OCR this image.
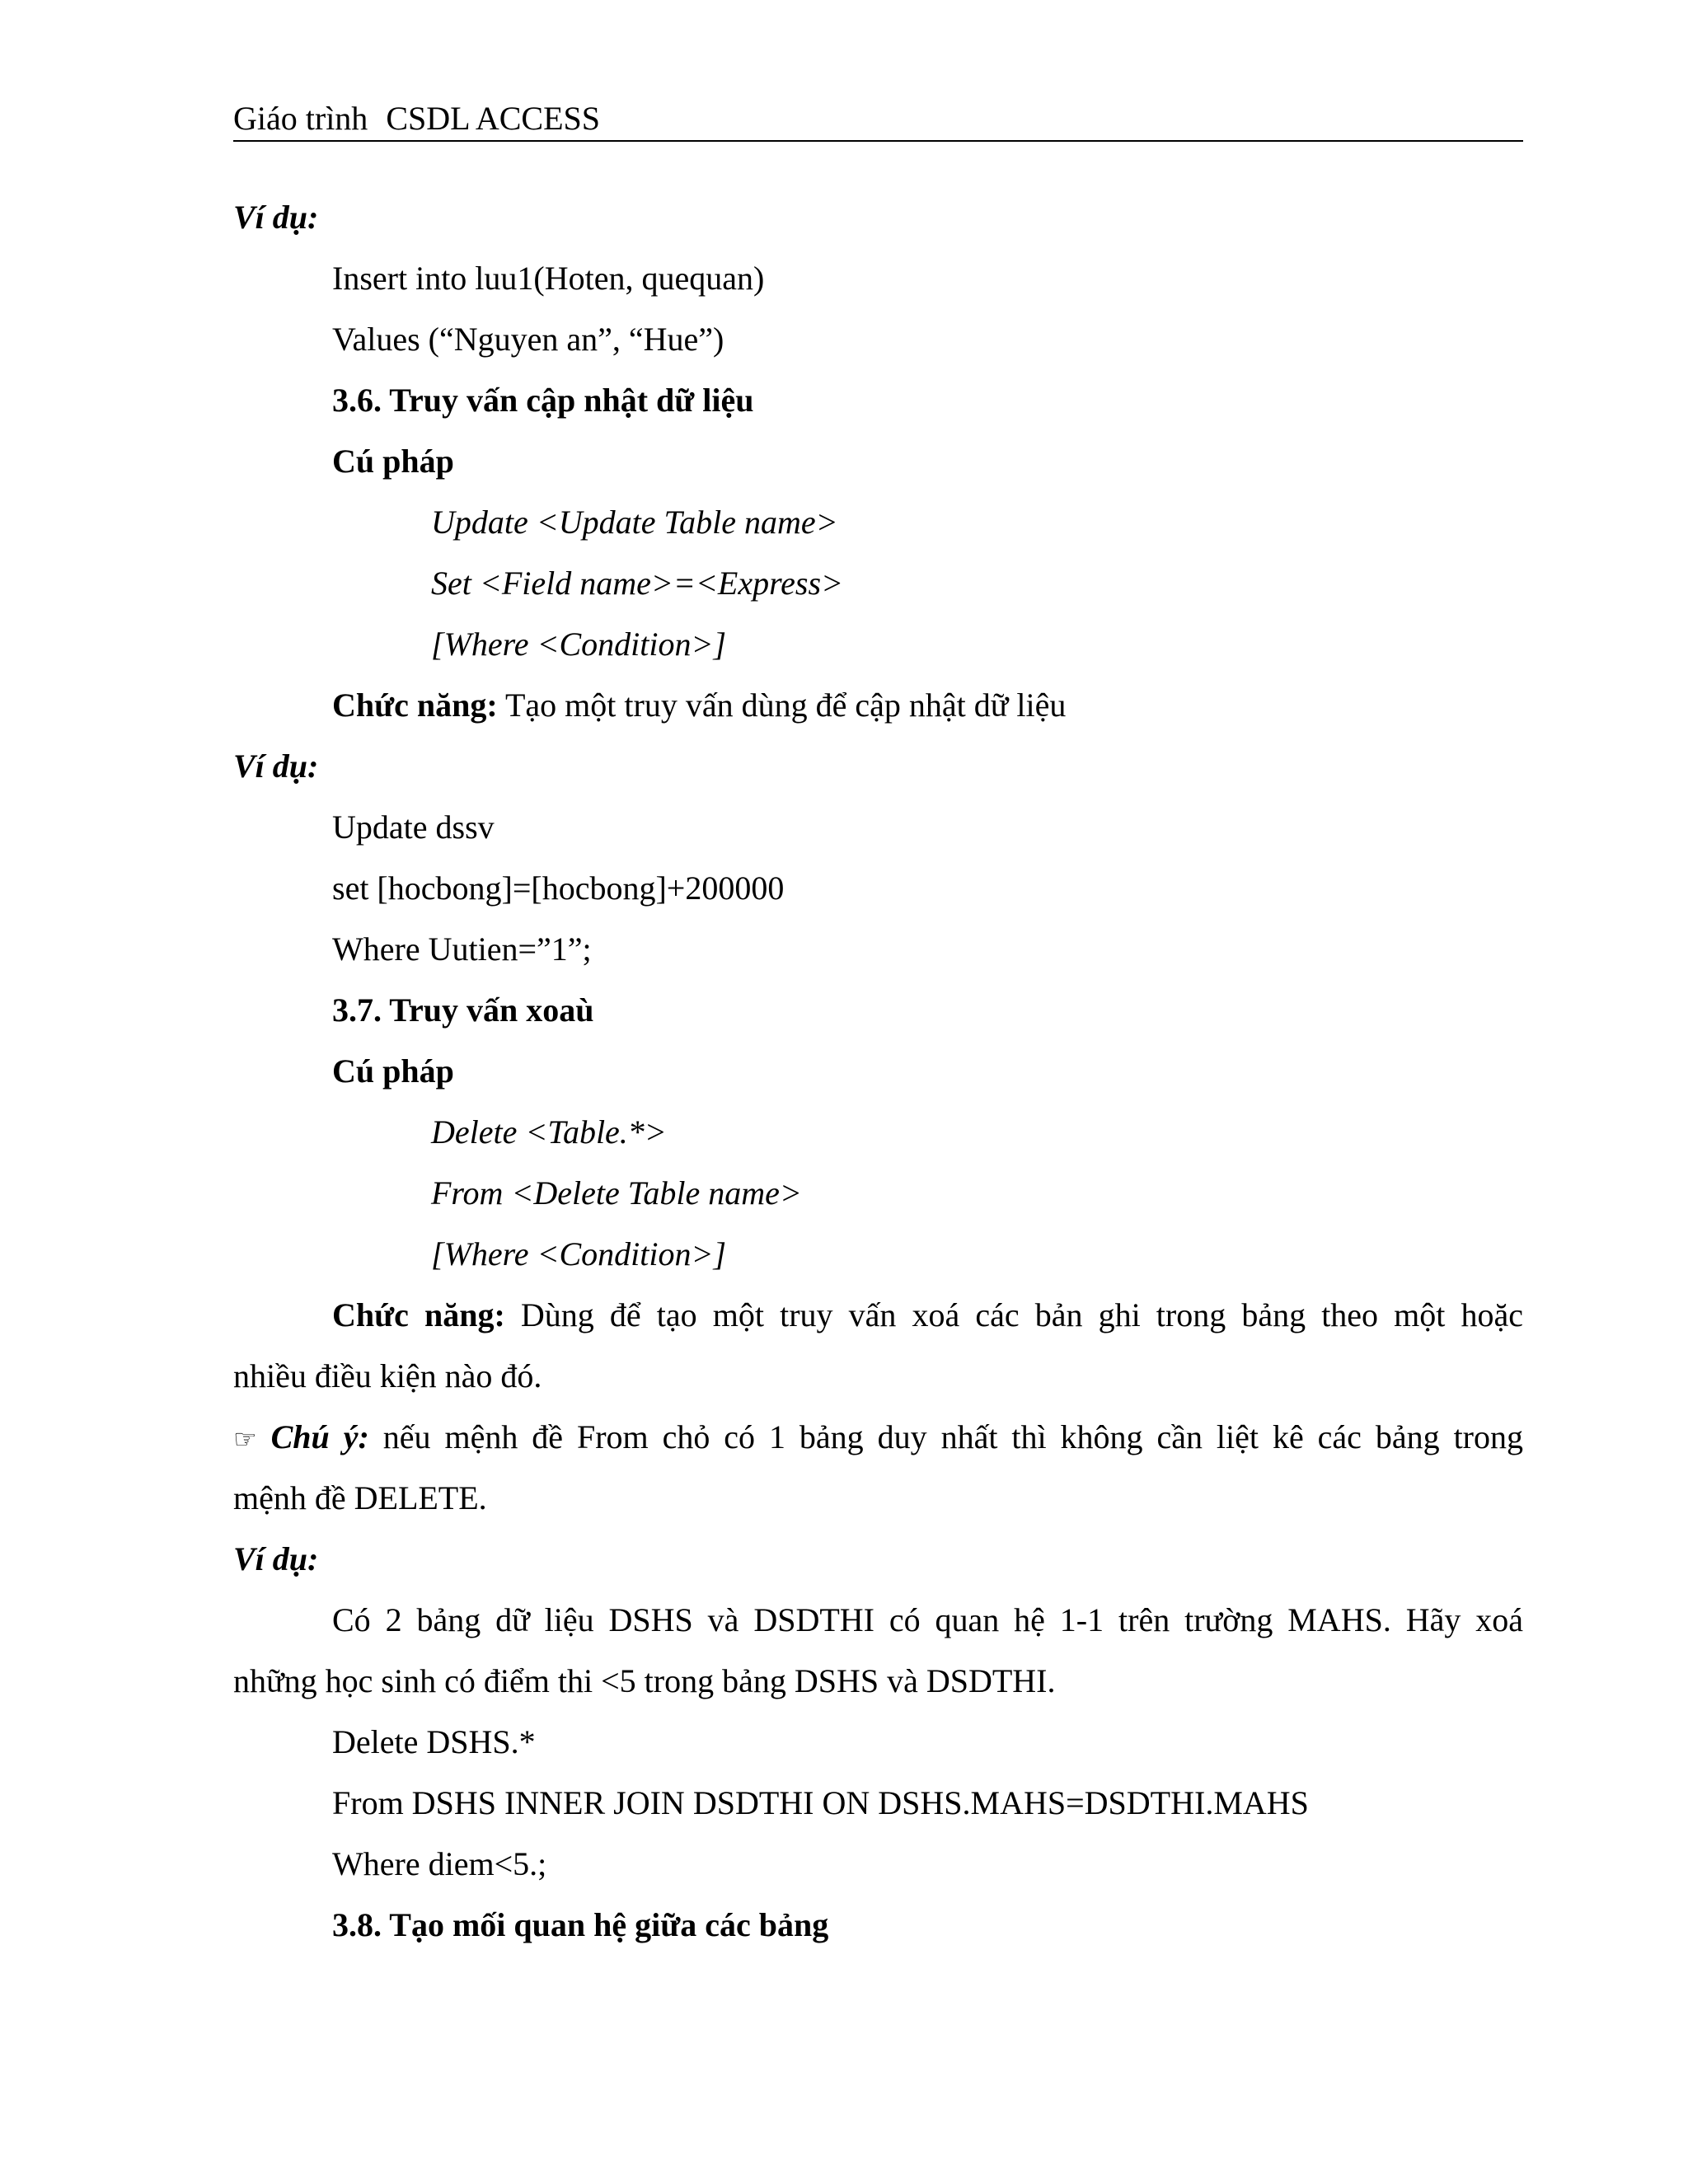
Giáo trình CSDL ACCESS
Ví dụ:
Insert into luu1(Hoten, quequan)
Values (“Nguyen an”, “Hue”)
3.6. Truy vấn cập nhật dữ liệu
Cú pháp
Update <Update Table name>
Set <Field name>=<Express>
[Where <Condition>]
Chức năng: Tạo một truy vấn dùng để cập nhật dữ liệu
Ví dụ:
Update dssv
set [hocbong]=[hocbong]+200000
Where Uutien=”1”;
3.7. Truy vấn xoaù
Cú pháp
Delete <Table.*>
From <Delete Table name>
[Where <Condition>]
Chức năng: Dùng để tạo một truy vấn xoá các bản ghi trong bảng theo một hoặc
nhiều điều kiện nào đó.
☞ Chú ý: nếu mệnh đề From chỏ có 1 bảng duy nhất thì không cần liệt kê các bảng trong
mệnh đề DELETE.
Ví dụ:
Có 2 bảng dữ liệu DSHS và DSDTHI có quan hệ 1-1 trên trường MAHS. Hãy xoá
những học sinh có điểm thi <5 trong bảng DSHS và DSDTHI.
Delete DSHS.*
From DSHS INNER JOIN DSDTHI ON DSHS.MAHS=DSDTHI.MAHS
Where diem<5.;
3.8. Tạo mối quan hệ giữa các bảng
